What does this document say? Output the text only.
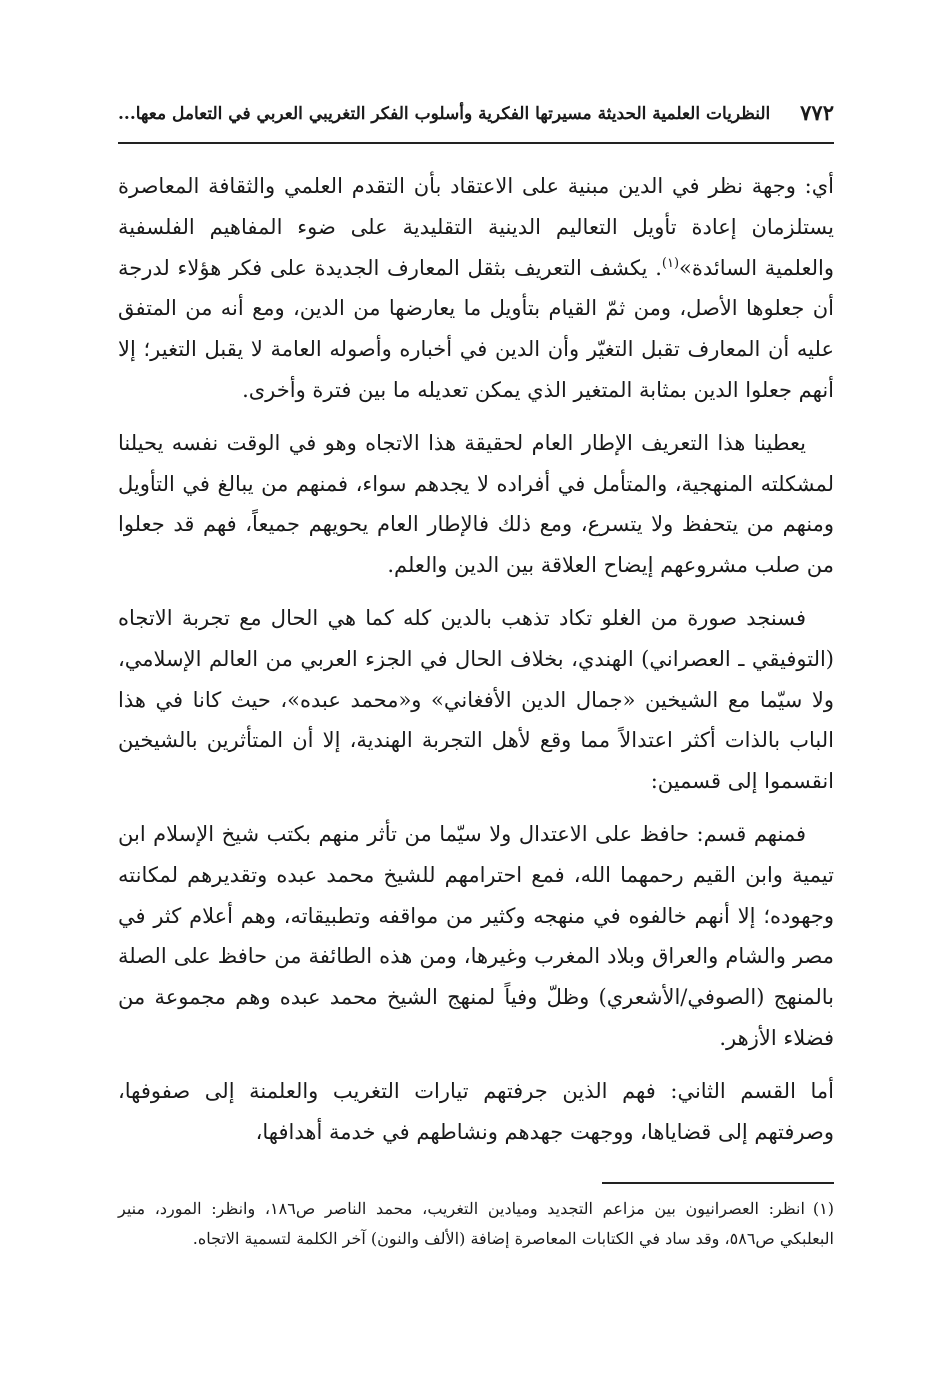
٧٧٢
النظريات العلمية الحديثة مسيرتها الفكرية وأسلوب الفكر التغريبي العربي في التعامل معها...

أي: وجهة نظر في الدين مبنية على الاعتقاد بأن التقدم العلمي والثقافة المعاصرة يستلزمان إعادة تأويل التعاليم الدينية التقليدية على ضوء المفاهيم الفلسفية والعلمية السائدة»$^{(١)}$. يكشف التعريف بثقل المعارف الجديدة على فكر هؤلاء لدرجة أن جعلوها الأصل، ومن ثمّ القيام بتأويل ما يعارضها من الدين، ومع أنه من المتفق عليه أن المعارف تقبل التغيّر وأن الدين في أخباره وأصوله العامة لا يقبل التغير؛ إلا أنهم جعلوا الدين بمثابة المتغير الذي يمكن تعديله ما بين فترة وأخرى.

يعطينا هذا التعريف الإطار العام لحقيقة هذا الاتجاه وهو في الوقت نفسه يحيلنا لمشكلته المنهجية، والمتأمل في أفراده لا يجدهم سواء، فمنهم من يبالغ في التأويل ومنهم من يتحفظ ولا يتسرع، ومع ذلك فالإطار العام يحويهم جميعاً، فهم قد جعلوا من صلب مشروعهم إيضاح العلاقة بين الدين والعلم.

فسنجد صورة من الغلو تكاد تذهب بالدين كله كما هي الحال مع تجربة الاتجاه (التوفيقي ـ العصراني) الهندي، بخلاف الحال في الجزء العربي من العالم الإسلامي، ولا سيّما مع الشيخين «جمال الدين الأفغاني» و«محمد عبده»، حيث كانا في هذا الباب بالذات أكثر اعتدالاً مما وقع لأهل التجربة الهندية، إلا أن المتأثرين بالشيخين انقسموا إلى قسمين:

فمنهم قسم: حافظ على الاعتدال ولا سيّما من تأثر منهم بكتب شيخ الإسلام ابن تيمية وابن القيم رحمهما الله، فمع احترامهم للشيخ محمد عبده وتقديرهم لمكانته وجهوده؛ إلا أنهم خالفوه في منهجه وكثير من مواقفه وتطبيقاته، وهم أعلام كثر في مصر والشام والعراق وبلاد المغرب وغيرها، ومن هذه الطائفة من حافظ على الصلة بالمنهج (الصوفي/الأشعري) وظلّ وفياً لمنهج الشيخ محمد عبده وهم مجموعة من فضلاء الأزهر.

أما القسم الثاني: فهم الذين جرفتهم تيارات التغريب والعلمنة إلى صفوفها، وصرفتهم إلى قضاياها، ووجهت جهدهم ونشاطهم في خدمة أهدافها،

(١)انظر: العصرانيون بين مزاعم التجديد وميادين التغريب، محمد الناصر ص١٨٦، وانظر: المورد، منير البعلبكي ص٥٨٦، وقد ساد في الكتابات المعاصرة إضافة (الألف والنون) آخر الكلمة لتسمية الاتجاه.
